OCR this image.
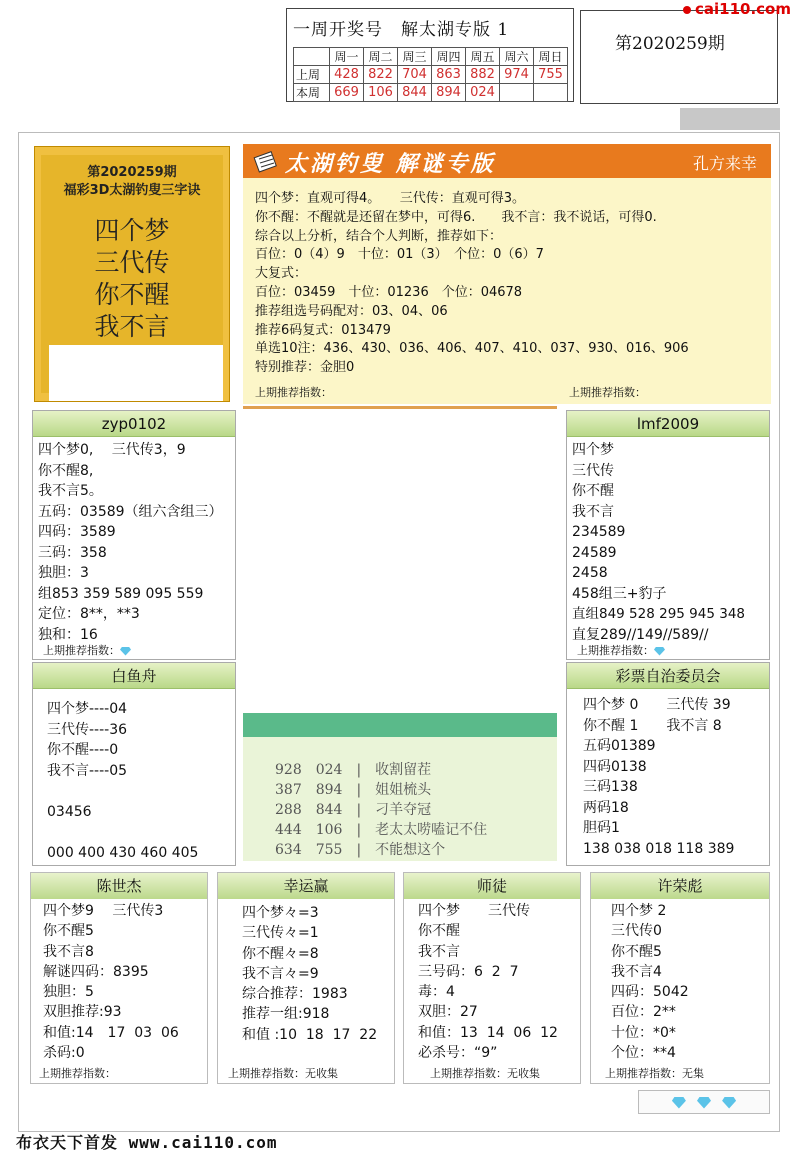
一周开奖号　解太湖专版 1
	周一	周二	周三	周四	周五	周六	周日
上周	428	822	704	863	882	974	755
本周	669	106	844	894	024		
第2020259期
cai110.com
第2020259期
福彩3D太湖钓叟三字诀
四个梦
三代传
你不醒
我不言
太湖钓叟 解谜专版	孔方来幸
四个梦：直观可得4。　　三代传：直观可得3。
你不醒：不醒就是还留在梦中，可得6.　　我不言：我不说话，可得0.
综合以上分析，结合个人判断，推荐如下：
百位：0（4）9　十位：01（3）　个位：0（6）7
大复式：
百位：03459　十位：01236　个位：04678
推荐组选号码配对：03、04、06
推荐6码复式：013479
单选10注：436、430、036、406、407、410、037、930、016、906
特别推荐：金胆0
上期推荐指数：	上期推荐指数：
zyp0102
四个梦0,　 三代传3，9
你不醒8,
我不言5。
五码：03589（组六含组三）
四码：3589
三码：358
独胆：3
组853 359 589 095 559
定位：8**，**3
独和：16
上期推荐指数：
lmf2009
四个梦
三代传
你不醒
我不言
234589
24589
2458
458组三+豹子
直组849 528 295 945 348
直复289//149//589//
上期推荐指数：
白鱼舟
四个梦----04
三代传----36
你不醒----0
我不言----05
03456
000 400 430 460 405
彩票自治委员会
四个梦 0　　三代传 39
你不醒 1　　我不言 8
五码01389
四码0138
三码138
两码18
胆码1
138 038 018 118 389
928　024　|　收割留茬
387　894　|　姐姐梳头
288　844　|　刁羊夺冠
444　106　|　老太太唠嗑记不住
634　755　|　不能想这个
陈世杰
四个梦9　 三代传3
你不醒5
我不言8
解谜四码：8395
独胆：5
双胆推荐:93
和值:14　17  03  06
杀码:0
上期推荐指数：
幸运赢
四个梦々=3
三代传々=1
你不醒々=8
我不言々=9
综合推荐：1983
推荐一组:918
和值 :10  18  17  22
上期推荐指数：无收集
师徒
四个梦　　三代传
你不醒
我不言
三号码：6  2  7
毒：4
双胆：27
和值：13  14  06  12
必杀号：“9”
上期推荐指数：无收集
许荣彪
四个梦 2
三代传0
你不醒5
我不言4
四码：5042
百位：2**
十位：*0*
个位：**4
上期推荐指数：无集

布衣天下首发 www.cai110.com
